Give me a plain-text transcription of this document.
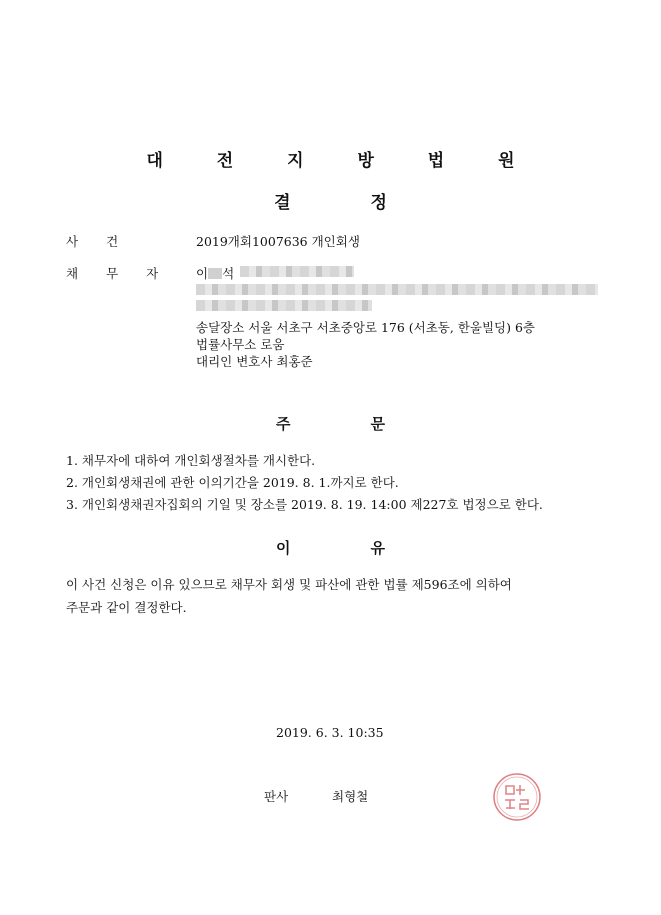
대 전 지 방 법 원
결	정
사건	2019개회1007636 개인회생
채무자 이 석
송달장소 서울 서초구 서초중앙로 176 (서초동, 한울빌딩) 6층
법률사무소 로움
대리인 변호사 최홍준
주	문
1. 채무자에 대하여 개인회생절차를 개시한다.
2. 개인회생채권에 관한 이의기간을 2019. 8. 1.까지로 한다.
3. 개인회생채권자집회의 기일 및 장소를 2019. 8. 19. 14:00 제227호 법정으로 한다.
이	유
이 사건 신청은 이유 있으므로 채무자 회생 및 파산에 관한 법률 제596조에 의하여
주문과 같이 결정한다.
2019. 6. 3. 10:35
판사	최형철
